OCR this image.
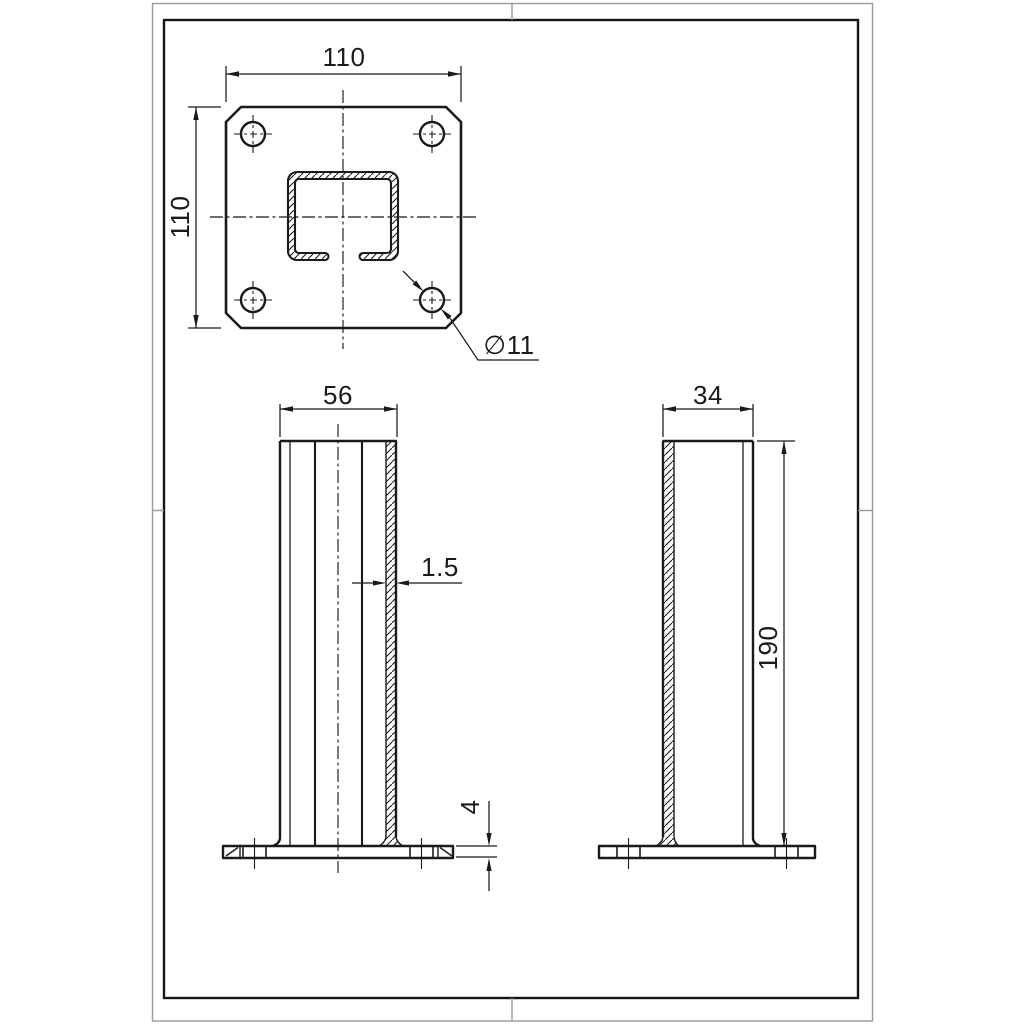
110
110
∅11
56
1.5
4
34
190
